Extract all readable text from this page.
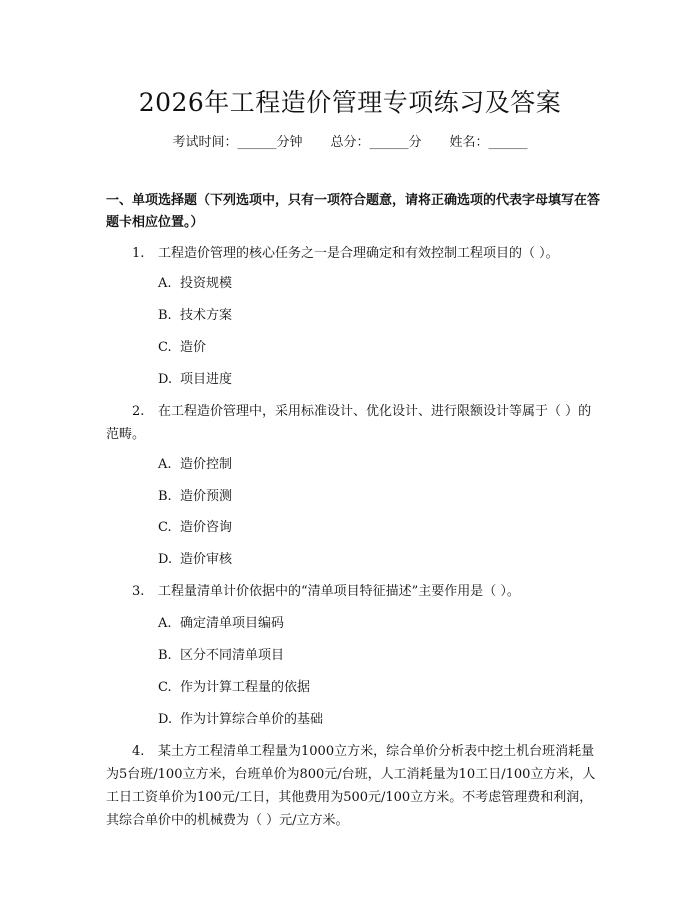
2026年工程造价管理专项练习及答案
考试时间：______分钟 总分：______分 姓名：______
一、单项选择题（下列选项中，只有一项符合题意，请将正确选项的代表字母填写在答题卡相应位置。）
1. 工程造价管理的核心任务之一是合理确定和有效控制工程项目的（ ）。
A. 投资规模
B. 技术方案
C. 造价
D. 项目进度
2. 在工程造价管理中，采用标准设计、优化设计、进行限额设计等属于（ ）的范畴。
A. 造价控制
B. 造价预测
C. 造价咨询
D. 造价审核
3. 工程量清单计价依据中的“清单项目特征描述”主要作用是（ ）。
A. 确定清单项目编码
B. 区分不同清单项目
C. 作为计算工程量的依据
D. 作为计算综合单价的基础
4. 某土方工程清单工程量为1000立方米，综合单价分析表中挖土机台班消耗量为5台班/100立方米，台班单价为800元/台班，人工消耗量为10工日/100立方米，人工日工资单价为100元/工日，其他费用为500元/100立方米。不考虑管理费和利润，其综合单价中的机械费为（ ）元/立方米。
